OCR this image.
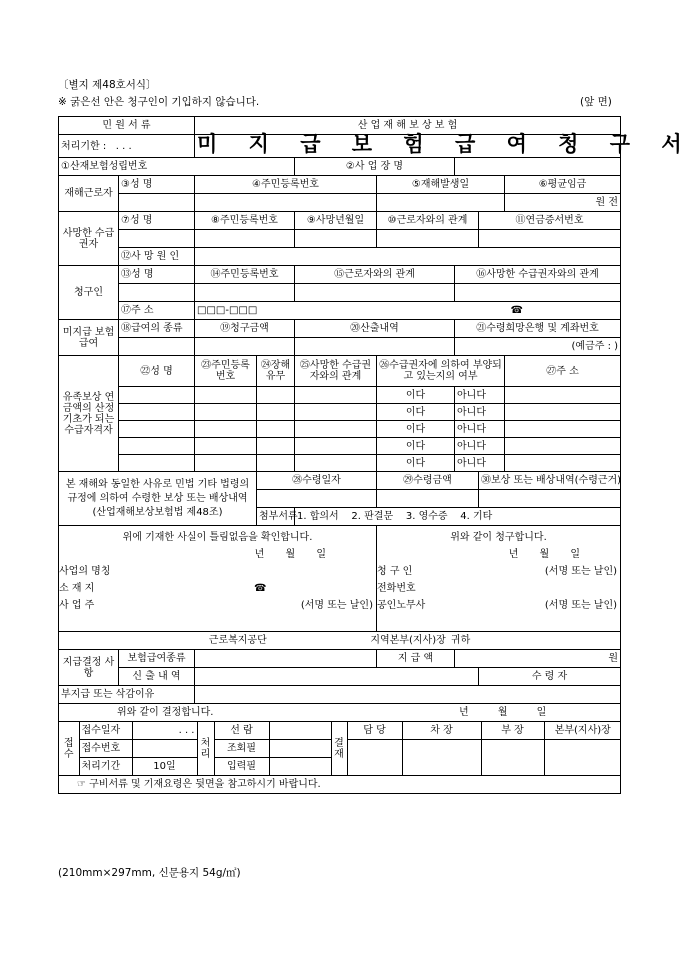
〔별지 제48호서식〕
※ 굵은선 안은 청구인이 기입하지 않습니다.	(앞 면)
민 원 서 류	산 업 재 해 보 상 보 험
처리기한 : . . .	미 지 급 보 험 급 여 청 구 서
①산재보험성립번호	②사 업 장 명	
재해근로자	③성 명	④주민등록번호	⑤재해발생일	⑥평균임금
			원 전
사망한 수급권자	⑦성 명	⑧주민등록번호	⑨사망년월일	⑩근로자와의 관계	⑪연금증서번호

⑫사 망 원 인	
청구인	⑬성 명	⑭주민등록번호	⑮근로자와의 관계	⑯사망한 수급권자와의 관계

⑰주 소	□□□-□□□	☎
미지급 보험급여	⑱급여의 종류	⑲청구금액	⑳산출내역	㉑수령희망은행 및 계좌번호
			(예금주 : )
유족보상 연금액의 산정기초가 되는 수급자격자	㉒성 명	㉓주민등록 번호	㉔장해 유무	㉕사망한 수급권자와의 관계	㉖수급권자에 의하여 부양되고 있는지의 여부	㉗주 소
				이다	아니다	
				이다	아니다	
				이다	아니다	
				이다	아니다	
				이다	아니다	
본 재해와 동일한 사유로 민법 기타 법령의 규정에 의하여 수령한 보상 또는 배상내역(산업재해보상보험법 제48조)	㉘수령일자	㉙수령금액	㉚보상 또는 배상내역(수령근거)

첨부서류	1. 합의서 2. 판결문 3. 영수증 4. 기타

위에 기재한 사실이 틀림없음을 확인합니다.
년 월 일
사업의 명칭
소 재 지	☎
사 업 주	(서명 또는 날인)

위와 같이 청구합니다.
년 월 일
청 구 인	(서명 또는 날인)
전화번호
공인노무사	(서명 또는 날인)

근로복지공단	지역본부(지사)장 귀하
지급결정 사항	보험급여종류		지 급 액	원
신 출 내 역		수 령 자	
부지급 또는 삭감이유	

위와 같이 결정합니다.	년 월 일

접수	접수일자	. . .	처리	선 람		결재	담 당	차 장	부 장	본부(지사)장
접수번호		조회필					
처리기간	10일	입력필	

☞ 구비서류 및 기재요령은 뒷면을 참고하시기 바랍니다.
(210mm×297mm, 신문용지 54g/㎡)
